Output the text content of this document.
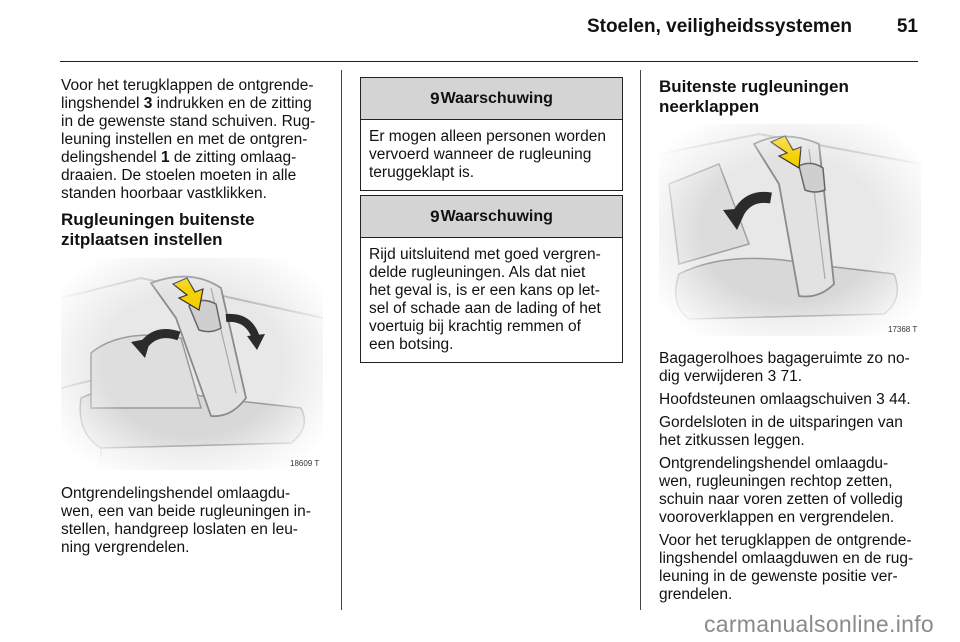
Stoelen, veiligheidssystemen 51
Voor het terugklappen de ontgrende-
lingshendel 3 indrukken en de zitting
in de gewenste stand schuiven. Rug-
leuning instellen en met de ontgren-
delingshendel 1 de zitting omlaag-
draaien. De stoelen moeten in alle
standen hoorbaar vastklikken.
Rugleuningen buitenste
zitplaatsen instellen
18609 T
Ontgrendelingshendel omlaagdu-
wen, een van beide rugleuningen in-
stellen, handgreep loslaten en leu-
ning vergrendelen.
9 Waarschuwing
Er mogen alleen personen worden
vervoerd wanneer de rugleuning
teruggeklapt is.
9 Waarschuwing
Rijd uitsluitend met goed vergren-
delde rugleuningen. Als dat niet
het geval is, is er een kans op let-
sel of schade aan de lading of het
voertuig bij krachtig remmen of
een botsing.
Buitenste rugleuningen
neerklappen
17368 T
Bagagerolhoes bagageruimte zo no-
dig verwijderen 3 71.
Hoofdsteunen omlaagschuiven 3 44.
Gordelsloten in de uitsparingen van
het zitkussen leggen.
Ontgrendelingshendel omlaagdu-
wen, rugleuningen rechtop zetten,
schuin naar voren zetten of volledig
vooroverklappen en vergrendelen.
Voor het terugklappen de ontgrende-
lingshendel omlaagduwen en de rug-
leuning in de gewenste positie ver-
grendelen.
carmanualsonline.info
